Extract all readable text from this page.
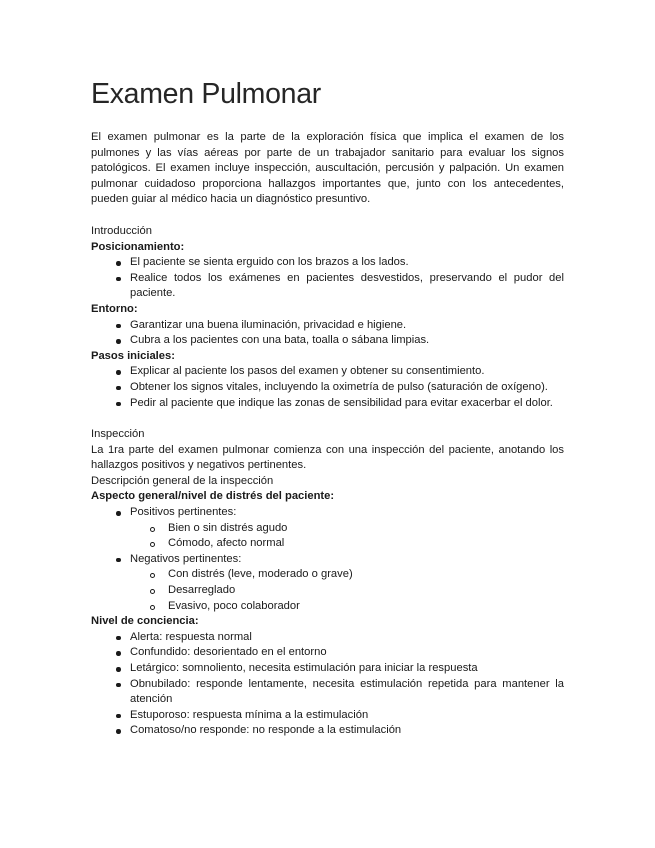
Examen Pulmonar

El examen pulmonar es la parte de la exploración física que implica el examen de los pulmones y las vías aéreas por parte de un trabajador sanitario para evaluar los signos patológicos. El examen incluye inspección, auscultación, percusión y palpación. Un examen pulmonar cuidadoso proporciona hallazgos importantes que, junto con los antecedentes, pueden guiar al médico hacia un diagnóstico presuntivo.

Introducción

Posicionamiento:

El paciente se sienta erguido con los brazos a los lados.
Realice todos los exámenes en pacientes desvestidos, preservando el pudor del paciente.

Entorno:

Garantizar una buena iluminación, privacidad e higiene.
Cubra a los pacientes con una bata, toalla o sábana limpias.

Pasos iniciales:

Explicar al paciente los pasos del examen y obtener su consentimiento.
Obtener los signos vitales, incluyendo la oximetría de pulso (saturación de oxígeno).
Pedir al paciente que indique las zonas de sensibilidad para evitar exacerbar el dolor.

Inspección

La 1ra parte del examen pulmonar comienza con una inspección del paciente, anotando los hallazgos positivos y negativos pertinentes.

Descripción general de la inspección

Aspecto general/nivel de distrés del paciente:

Positivos pertinentes:
Bien o sin distrés agudo
Cómodo, afecto normal
Negativos pertinentes:
Con distrés (leve, moderado o grave)
Desarreglado
Evasivo, poco colaborador

Nivel de conciencia:

Alerta: respuesta normal
Confundido: desorientado en el entorno
Letárgico: somnoliento, necesita estimulación para iniciar la respuesta
Obnubilado: responde lentamente, necesita estimulación repetida para mantener la atención
Estuporoso: respuesta mínima a la estimulación
Comatoso/no responde: no responde a la estimulación
